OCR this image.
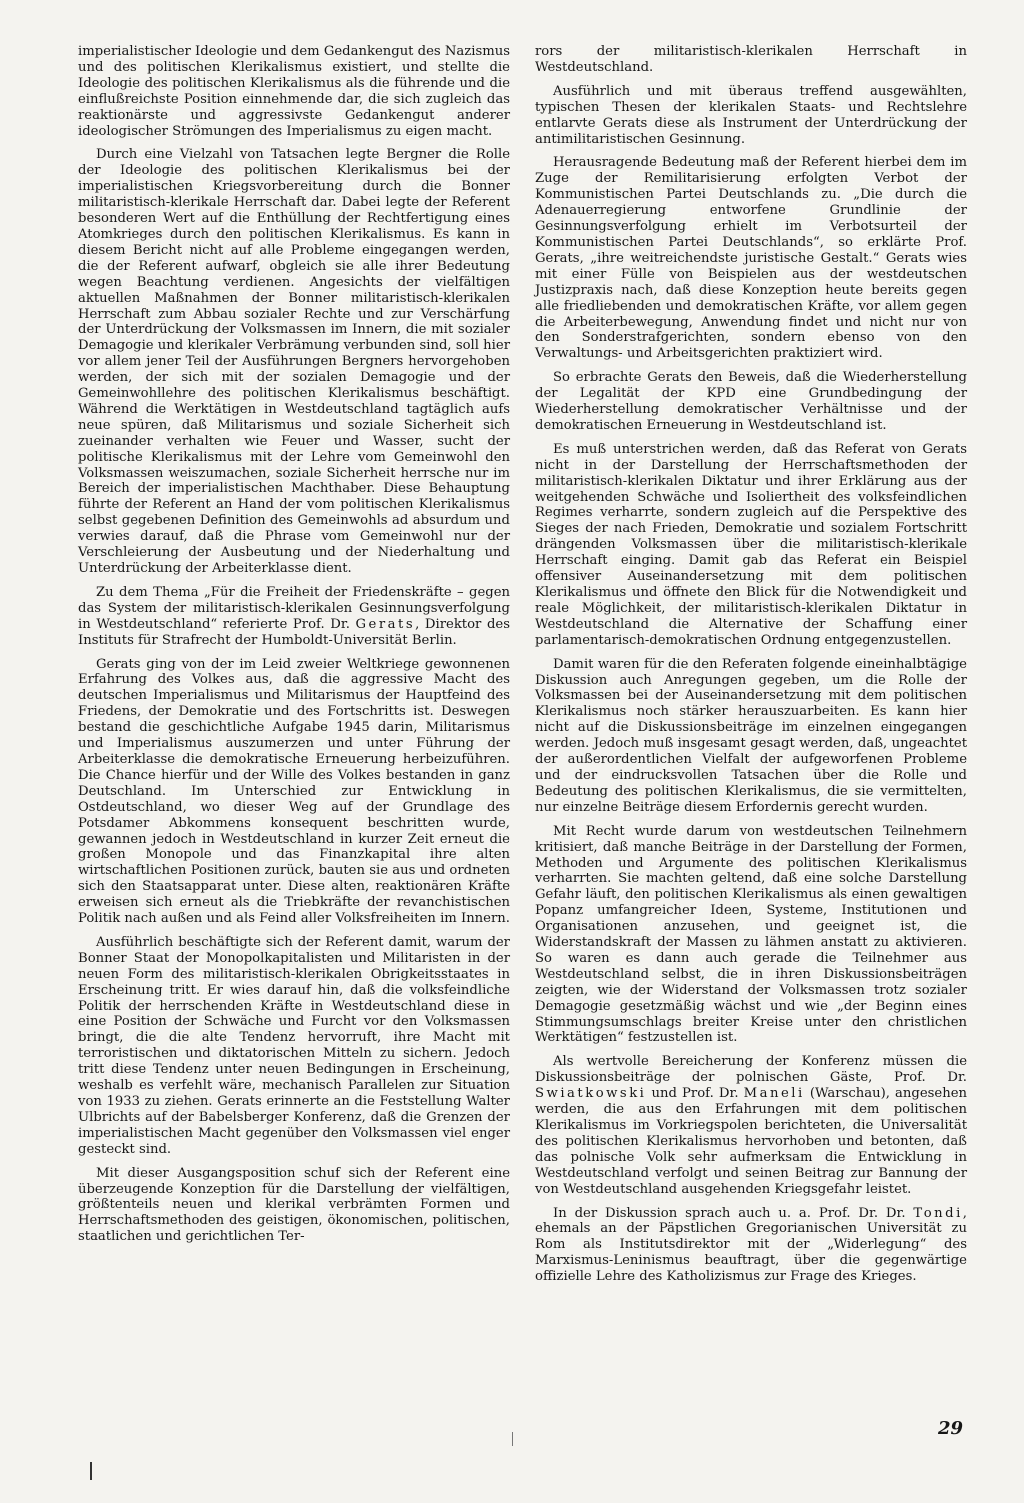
imperialistischer Ideologie und dem Gedankengut des Nazismus und des politischen Klerikalismus existiert, und stellte die Ideologie des politischen Klerikalismus als die führende und die einflußreichste Position einnehmende dar, die sich zugleich das reaktionärste und aggressivste Gedankengut anderer ideologischer Strömungen des Imperialismus zu eigen macht.

Durch eine Vielzahl von Tatsachen legte Bergner die Rolle der Ideologie des politischen Klerikalismus bei der imperialistischen Kriegsvorbereitung durch die Bonner militaristisch-klerikale Herrschaft dar. Dabei legte der Referent besonderen Wert auf die Enthüllung der Rechtfertigung eines Atomkrieges durch den politischen Klerikalismus. Es kann in diesem Bericht nicht auf alle Probleme eingegangen werden, die der Referent aufwarf, obgleich sie alle ihrer Bedeutung wegen Beachtung verdienen. Angesichts der vielfältigen aktuellen Maßnahmen der Bonner militaristisch-klerikalen Herrschaft zum Abbau sozialer Rechte und zur Verschärfung der Unterdrückung der Volksmassen im Innern, die mit sozialer Demagogie und klerikaler Verbrämung verbunden sind, soll hier vor allem jener Teil der Ausführungen Bergners hervorgehoben werden, der sich mit der sozialen Demagogie und der Gemeinwohllehre des politischen Klerikalismus beschäftigt. Während die Werktätigen in Westdeutschland tagtäglich aufs neue spüren, daß Militarismus und soziale Sicherheit sich zueinander verhalten wie Feuer und Wasser, sucht der politische Klerikalismus mit der Lehre vom Gemeinwohl den Volksmassen weiszumachen, soziale Sicherheit herrsche nur im Bereich der imperialistischen Machthaber. Diese Behauptung führte der Referent an Hand der vom politischen Klerikalismus selbst gegebenen Definition des Gemeinwohls ad absurdum und verwies darauf, daß die Phrase vom Gemeinwohl nur der Verschleierung der Ausbeutung und der Niederhaltung und Unterdrückung der Arbeiterklasse dient.

Zu dem Thema „Für die Freiheit der Friedenskräfte – gegen das System der militaristisch-klerikalen Gesinnungsverfolgung in Westdeutschland“ referierte Prof. Dr. Gerats, Direktor des Instituts für Strafrecht der Humboldt-Universität Berlin.

Gerats ging von der im Leid zweier Weltkriege gewonnenen Erfahrung des Volkes aus, daß die aggressive Macht des deutschen Imperialismus und Militarismus der Hauptfeind des Friedens, der Demokratie und des Fortschritts ist. Deswegen bestand die geschichtliche Aufgabe 1945 darin, Militarismus und Imperialismus auszumerzen und unter Führung der Arbeiterklasse die demokratische Erneuerung herbeizuführen. Die Chance hierfür und der Wille des Volkes bestanden in ganz Deutschland. Im Unterschied zur Entwicklung in Ostdeutschland, wo dieser Weg auf der Grundlage des Potsdamer Abkommens konsequent beschritten wurde, gewannen jedoch in Westdeutschland in kurzer Zeit erneut die großen Monopole und das Finanzkapital ihre alten wirtschaftlichen Positionen zurück, bauten sie aus und ordneten sich den Staatsapparat unter. Diese alten, reaktionären Kräfte erweisen sich erneut als die Triebkräfte der revanchistischen Politik nach außen und als Feind aller Volksfreiheiten im Innern.

Ausführlich beschäftigte sich der Referent damit, warum der Bonner Staat der Monopolkapitalisten und Militaristen in der neuen Form des militaristisch-klerikalen Obrigkeitsstaates in Erscheinung tritt. Er wies darauf hin, daß die volksfeindliche Politik der herrschenden Kräfte in Westdeutschland diese in eine Position der Schwäche und Furcht vor den Volksmassen bringt, die die alte Tendenz hervorruft, ihre Macht mit terroristischen und diktatorischen Mitteln zu sichern. Jedoch tritt diese Tendenz unter neuen Bedingungen in Erscheinung, weshalb es verfehlt wäre, mechanisch Parallelen zur Situation von 1933 zu ziehen. Gerats erinnerte an die Feststellung Walter Ulbrichts auf der Babelsberger Konferenz, daß die Grenzen der imperialistischen Macht gegenüber den Volksmassen viel enger gesteckt sind.

Mit dieser Ausgangsposition schuf sich der Referent eine überzeugende Konzeption für die Darstellung der vielfältigen, größtenteils neuen und klerikal verbrämten Formen und Herrschaftsmethoden des geistigen, ökonomischen, politischen, staatlichen und gerichtlichen Ter-

rors der militaristisch-klerikalen Herrschaft in Westdeutschland.

Ausführlich und mit überaus treffend ausgewählten, typischen Thesen der klerikalen Staats- und Rechtslehre entlarvte Gerats diese als Instrument der Unterdrückung der antimilitaristischen Gesinnung.

Herausragende Bedeutung maß der Referent hierbei dem im Zuge der Remilitarisierung erfolgten Verbot der Kommunistischen Partei Deutschlands zu. „Die durch die Adenauerregierung entworfene Grundlinie der Gesinnungsverfolgung erhielt im Verbotsurteil der Kommunistischen Partei Deutschlands“, so erklärte Prof. Gerats, „ihre weitreichendste juristische Gestalt.“ Gerats wies mit einer Fülle von Beispielen aus der westdeutschen Justizpraxis nach, daß diese Konzeption heute bereits gegen alle friedliebenden und demokratischen Kräfte, vor allem gegen die Arbeiterbewegung, Anwendung findet und nicht nur von den Sonderstrafgerichten, sondern ebenso von den Verwaltungs- und Arbeitsgerichten praktiziert wird.

So erbrachte Gerats den Beweis, daß die Wiederherstellung der Legalität der KPD eine Grundbedingung der Wiederherstellung demokratischer Verhältnisse und der demokratischen Erneuerung in Westdeutschland ist.

Es muß unterstrichen werden, daß das Referat von Gerats nicht in der Darstellung der Herrschaftsmethoden der militaristisch-klerikalen Diktatur und ihrer Erklärung aus der weitgehenden Schwäche und Isoliertheit des volksfeindlichen Regimes verharrte, sondern zugleich auf die Perspektive des Sieges der nach Frieden, Demokratie und sozialem Fortschritt drängenden Volksmassen über die militaristisch-klerikale Herrschaft einging. Damit gab das Referat ein Beispiel offensiver Auseinandersetzung mit dem politischen Klerikalismus und öffnete den Blick für die Notwendigkeit und reale Möglichkeit, der militaristisch-klerikalen Diktatur in Westdeutschland die Alternative der Schaffung einer parlamentarisch-demokratischen Ordnung entgegenzustellen.

Damit waren für die den Referaten folgende eineinhalbtägige Diskussion auch Anregungen gegeben, um die Rolle der Volksmassen bei der Auseinandersetzung mit dem politischen Klerikalismus noch stärker herauszuarbeiten. Es kann hier nicht auf die Diskussionsbeiträge im einzelnen eingegangen werden. Jedoch muß insgesamt gesagt werden, daß, ungeachtet der außerordentlichen Vielfalt der aufgeworfenen Probleme und der eindrucksvollen Tatsachen über die Rolle und Bedeutung des politischen Klerikalismus, die sie vermittelten, nur einzelne Beiträge diesem Erfordernis gerecht wurden.

Mit Recht wurde darum von westdeutschen Teilnehmern kritisiert, daß manche Beiträge in der Darstellung der Formen, Methoden und Argumente des politischen Klerikalismus verharrten. Sie machten geltend, daß eine solche Darstellung Gefahr läuft, den politischen Klerikalismus als einen gewaltigen Popanz umfangreicher Ideen, Systeme, Institutionen und Organisationen anzusehen, und geeignet ist, die Widerstandskraft der Massen zu lähmen anstatt zu aktivieren. So waren es dann auch gerade die Teilnehmer aus Westdeutschland selbst, die in ihren Diskussionsbeiträgen zeigten, wie der Widerstand der Volksmassen trotz sozialer Demagogie gesetzmäßig wächst und wie „der Beginn eines Stimmungsumschlags breiter Kreise unter den christlichen Werktätigen“ festzustellen ist.

Als wertvolle Bereicherung der Konferenz müssen die Diskussionsbeiträge der polnischen Gäste, Prof. Dr. Swiatkowski und Prof. Dr. Maneli (Warschau), angesehen werden, die aus den Erfahrungen mit dem politischen Klerikalismus im Vorkriegspolen berichteten, die Universalität des politischen Klerikalismus hervorhoben und betonten, daß das polnische Volk sehr aufmerksam die Entwicklung in Westdeutschland verfolgt und seinen Beitrag zur Bannung der von Westdeutschland ausgehenden Kriegsgefahr leistet.

In der Diskussion sprach auch u. a. Prof. Dr. Dr. Tondi, ehemals an der Päpstlichen Gregorianischen Universität zu Rom als Institutsdirektor mit der „Widerlegung“ des Marxismus-Leninismus beauftragt, über die gegenwärtige offizielle Lehre des Katholizismus zur Frage des Krieges.

29
